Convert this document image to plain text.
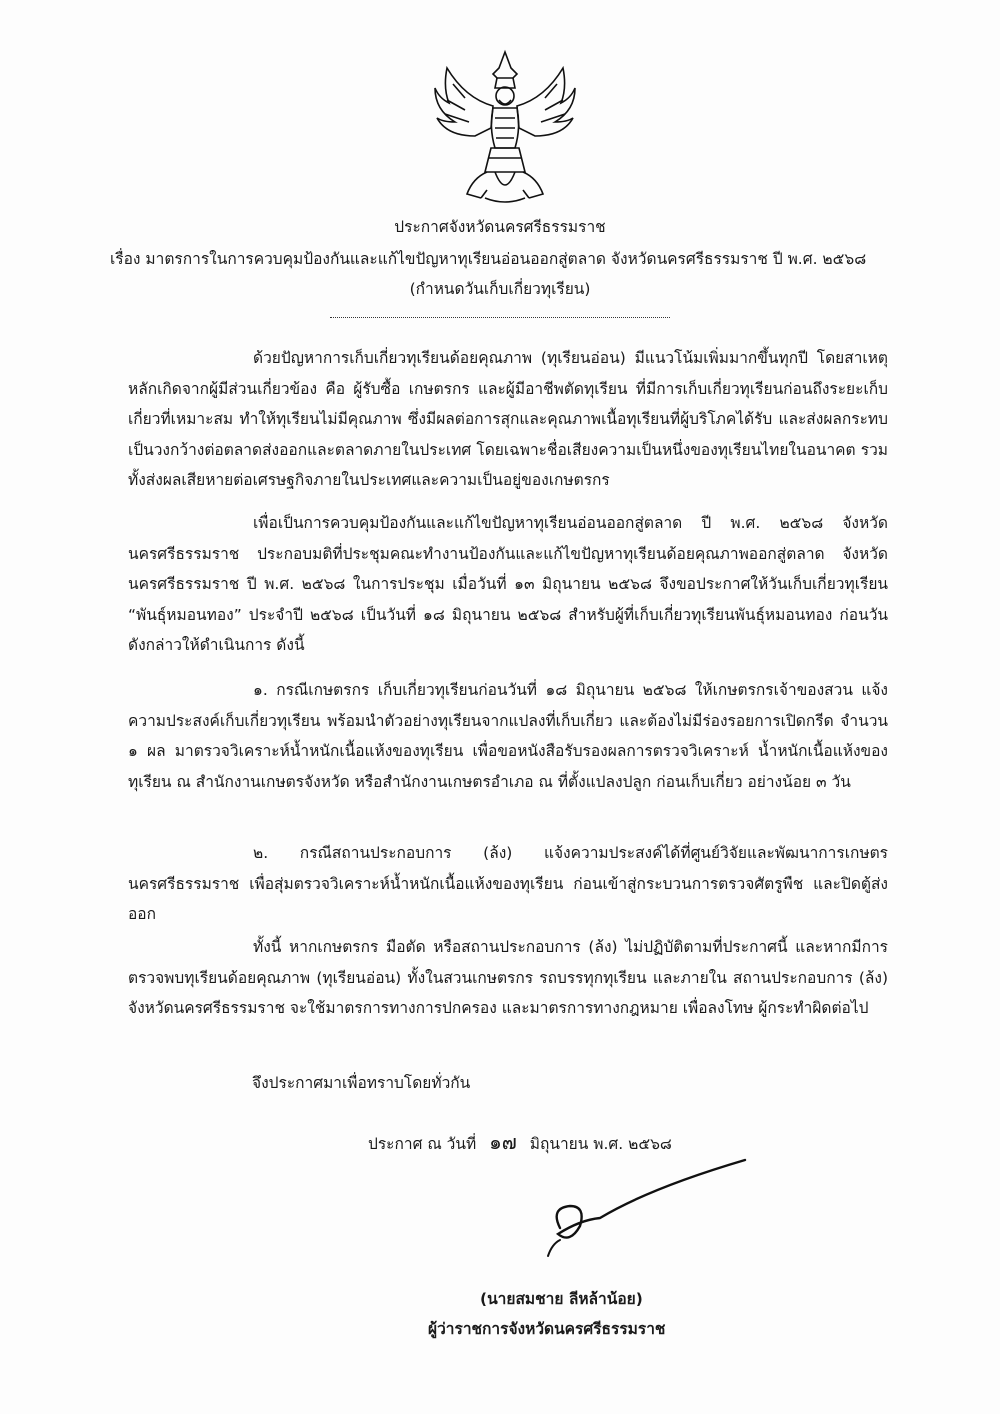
ประกาศจังหวัดนครศรีธรรมราช
เรื่อง มาตรการในการควบคุมป้องกันและแก้ไขปัญหาทุเรียนอ่อนออกสู่ตลาด จังหวัดนครศรีธรรมราช ปี พ.ศ. ๒๕๖๘
(กำหนดวันเก็บเกี่ยวทุเรียน)
ด้วยปัญหาการเก็บเกี่ยวทุเรียนด้อยคุณภาพ (ทุเรียนอ่อน) มีแนวโน้มเพิ่มมากขึ้นทุกปี โดยสาเหตุหลักเกิดจากผู้มีส่วนเกี่ยวข้อง คือ ผู้รับซื้อ เกษตรกร และผู้มีอาชีพตัดทุเรียน ที่มีการเก็บเกี่ยวทุเรียนก่อนถึงระยะเก็บเกี่ยวที่เหมาะสม ทำให้ทุเรียนไม่มีคุณภาพ ซึ่งมีผลต่อการสุกและคุณภาพเนื้อทุเรียนที่ผู้บริโภคได้รับ และส่งผลกระทบเป็นวงกว้างต่อตลาดส่งออกและตลาดภายในประเทศ โดยเฉพาะชื่อเสียงความเป็นหนึ่งของทุเรียนไทยในอนาคต รวมทั้งส่งผลเสียหายต่อเศรษฐกิจภายในประเทศและความเป็นอยู่ของเกษตรกร
เพื่อเป็นการควบคุมป้องกันและแก้ไขปัญหาทุเรียนอ่อนออกสู่ตลาด ปี พ.ศ. ๒๕๖๘ จังหวัดนครศรีธรรมราช ประกอบมติที่ประชุมคณะทำงานป้องกันและแก้ไขปัญหาทุเรียนด้อยคุณภาพออกสู่ตลาด จังหวัดนครศรีธรรมราช ปี พ.ศ. ๒๕๖๘ ในการประชุม เมื่อวันที่ ๑๓ มิถุนายน ๒๕๖๘ จึงขอประกาศให้วันเก็บเกี่ยวทุเรียน “พันธุ์หมอนทอง” ประจำปี ๒๕๖๘ เป็นวันที่ ๑๘ มิถุนายน ๒๕๖๘ สำหรับผู้ที่เก็บเกี่ยวทุเรียนพันธุ์หมอนทอง ก่อนวันดังกล่าวให้ดำเนินการ ดังนี้
๑. กรณีเกษตรกร เก็บเกี่ยวทุเรียนก่อนวันที่ ๑๘ มิถุนายน ๒๕๖๘ ให้เกษตรกรเจ้าของสวน แจ้งความประสงค์เก็บเกี่ยวทุเรียน พร้อมนำตัวอย่างทุเรียนจากแปลงที่เก็บเกี่ยว และต้องไม่มีร่องรอยการเปิดกรีด จำนวน ๑ ผล มาตรวจวิเคราะห์น้ำหนักเนื้อแห้งของทุเรียน เพื่อขอหนังสือรับรองผลการตรวจวิเคราะห์ น้ำหนักเนื้อแห้งของทุเรียน ณ สำนักงานเกษตรจังหวัด หรือสำนักงานเกษตรอำเภอ ณ ที่ตั้งแปลงปลูก ก่อนเก็บเกี่ยว อย่างน้อย ๓ วัน
๒. กรณีสถานประกอบการ (ล้ง) แจ้งความประสงค์ได้ที่ศูนย์วิจัยและพัฒนาการเกษตร นครศรีธรรมราช เพื่อสุ่มตรวจวิเคราะห์น้ำหนักเนื้อแห้งของทุเรียน ก่อนเข้าสู่กระบวนการตรวจศัตรูพืช และปิดตู้ส่งออก
ทั้งนี้ หากเกษตรกร มือตัด หรือสถานประกอบการ (ล้ง) ไม่ปฏิบัติตามที่ประกาศนี้ และหากมีการตรวจพบทุเรียนด้อยคุณภาพ (ทุเรียนอ่อน) ทั้งในสวนเกษตรกร รถบรรทุกทุเรียน และภายใน สถานประกอบการ (ล้ง) จังหวัดนครศรีธรรมราช จะใช้มาตรการทางการปกครอง และมาตรการทางกฎหมาย เพื่อลงโทษ ผู้กระทำผิดต่อไป
จึงประกาศมาเพื่อทราบโดยทั่วกัน
ประกาศ ณ วันที่ ๑๗ มิถุนายน พ.ศ. ๒๕๖๘
(นายสมชาย ลีหล้าน้อย)
ผู้ว่าราชการจังหวัดนครศรีธรรมราช
